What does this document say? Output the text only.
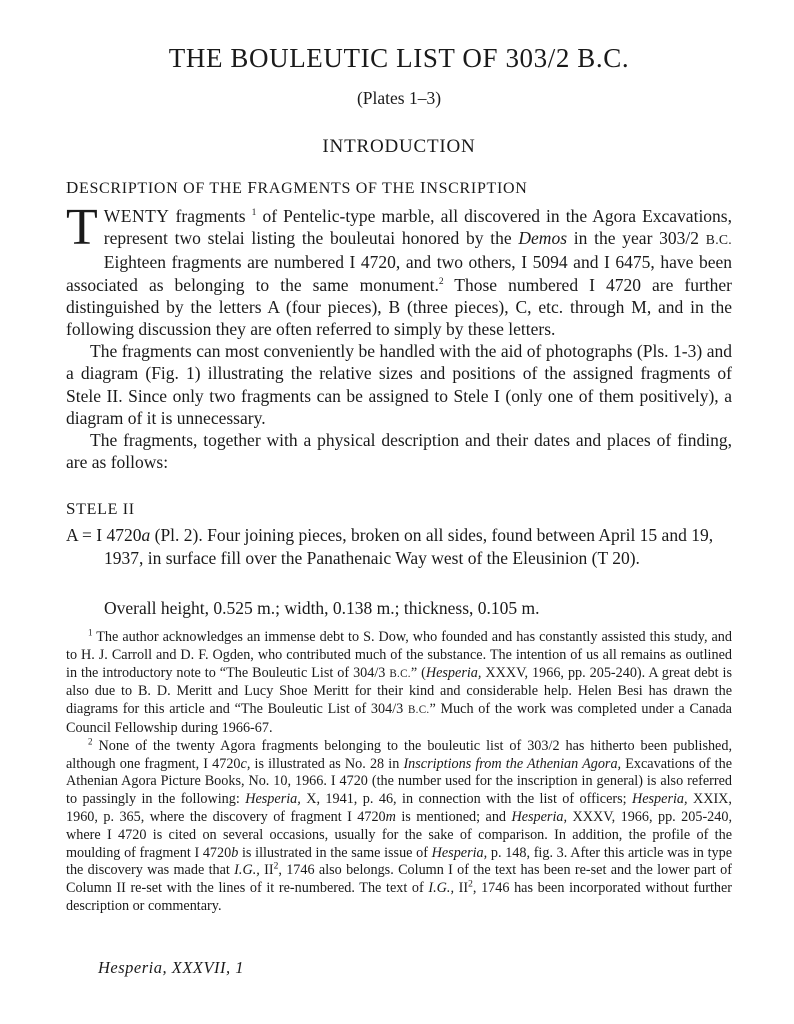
THE BOULEUTIC LIST OF 303/2 B.C.
(Plates 1–3)
INTRODUCTION
DESCRIPTION OF THE FRAGMENTS OF THE INSCRIPTION

TWENTY fragments $^1$ of Pentelic-type marble, all discovered in the Agora Excavations, represent two stelai listing the bouleutai honored by the Demos in the year 303/2 B.C. Eighteen fragments are numbered I 4720, and two others, I 5094 and I 6475, have been associated as belonging to the same monument.$^2$ Those numbered I 4720 are further distinguished by the letters A (four pieces), B (three pieces), C, etc. through M, and in the following discussion they are often referred to simply by these letters.

The fragments can most conveniently be handled with the aid of photographs (Pls. 1-3) and a diagram (Fig. 1) illustrating the relative sizes and positions of the assigned fragments of Stele II. Since only two fragments can be assigned to Stele I (only one of them positively), a diagram of it is unnecessary.

The fragments, together with a physical description and their dates and places of finding, are as follows:

STELE II
A = I 4720a (Pl. 2). Four joining pieces, broken on all sides, found between April 15 and 19, 1937, in surface fill over the Panathenaic Way west of the Eleusinion (T 20).
Overall height, 0.525 m.; width, 0.138 m.; thickness, 0.105 m.

$^1$ The author acknowledges an immense debt to S. Dow, who founded and has constantly assisted this study, and to H. J. Carroll and D. F. Ogden, who contributed much of the substance. The intention of us all remains as outlined in the introductory note to “The Bouleutic List of 304/3 B.C.” (Hesperia, XXXV, 1966, pp. 205-240). A great debt is also due to B. D. Meritt and Lucy Shoe Meritt for their kind and considerable help. Helen Besi has drawn the diagrams for this article and “The Bouleutic List of 304/3 B.C.” Much of the work was completed under a Canada Council Fellowship during 1966-67.

$^2$ None of the twenty Agora fragments belonging to the bouleutic list of 303/2 has hitherto been published, although one fragment, I 4720c, is illustrated as No. 28 in Inscriptions from the Athenian Agora, Excavations of the Athenian Agora Picture Books, No. 10, 1966. I 4720 (the number used for the inscription in general) is also referred to passingly in the following: Hesperia, X, 1941, p. 46, in connection with the list of officers; Hesperia, XXIX, 1960, p. 365, where the discovery of fragment I 4720m is mentioned; and Hesperia, XXXV, 1966, pp. 205-240, where I 4720 is cited on several occasions, usually for the sake of comparison. In addition, the profile of the moulding of fragment I 4720b is illustrated in the same issue of Hesperia, p. 148, fig. 3. After this article was in type the discovery was made that I.G., $II^2$, 1746 also belongs. Column I of the text has been re-set and the lower part of Column II re-set with the lines of it re-numbered. The text of I.G., $II^2$, 1746 has been incorporated without further description or commentary.

Hesperia, XXXVII, 1
